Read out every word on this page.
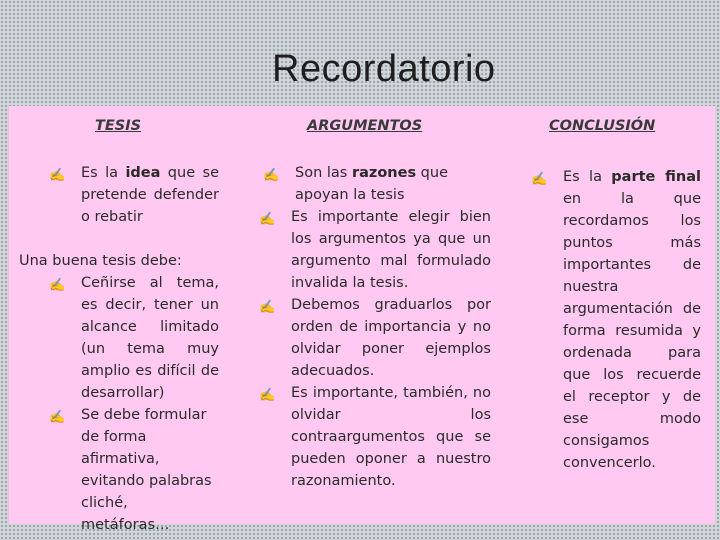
Recordatorio
TESIS	ARGUMENTOS	CONCLUSIÓN
✍ Es la idea que se pretende defender o rebatir
Una buena tesis debe:
✍ Ceñirse al tema, es decir, tener un alcance limitado (un tema muy amplio es difícil de desarrollar)
✍ Se debe formular de forma afirmativa, evitando palabras cliché, metáforas…
✍ Son las razones que apoyan la tesis
✍ Es importante elegir bien los argumentos ya que un argumento mal formulado invalida la tesis.
✍ Debemos graduarlos por orden de importancia y no olvidar poner ejemplos adecuados.
✍ Es importante, también, no olvidar los contraargumentos que se pueden oponer a nuestro razonamiento.
✍ Es la parte final en la que recordamos los puntos más importantes de nuestra argumentación de forma resumida y ordenada para que los recuerde el receptor y de ese modo consigamos convencerlo.
